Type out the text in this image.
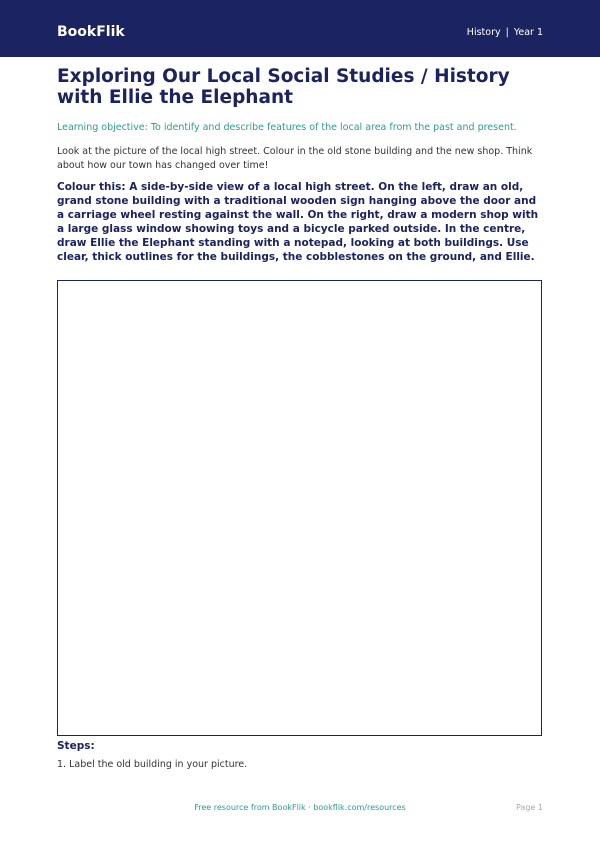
BookFlik	History | Year 1
Exploring Our Local Social Studies / History with Ellie the Elephant
Learning objective: To identify and describe features of the local area from the past and present.
Look at the picture of the local high street. Colour in the old stone building and the new shop. Think about how our town has changed over time!
Colour this: A side-by-side view of a local high street. On the left, draw an old, grand stone building with a traditional wooden sign hanging above the door and a carriage wheel resting against the wall. On the right, draw a modern shop with a large glass window showing toys and a bicycle parked outside. In the centre, draw Ellie the Elephant standing with a notepad, looking at both buildings. Use clear, thick outlines for the buildings, the cobblestones on the ground, and Ellie.
Steps:
1. Label the old building in your picture.
Free resource from BookFlik · bookflik.com/resources	Page 1
